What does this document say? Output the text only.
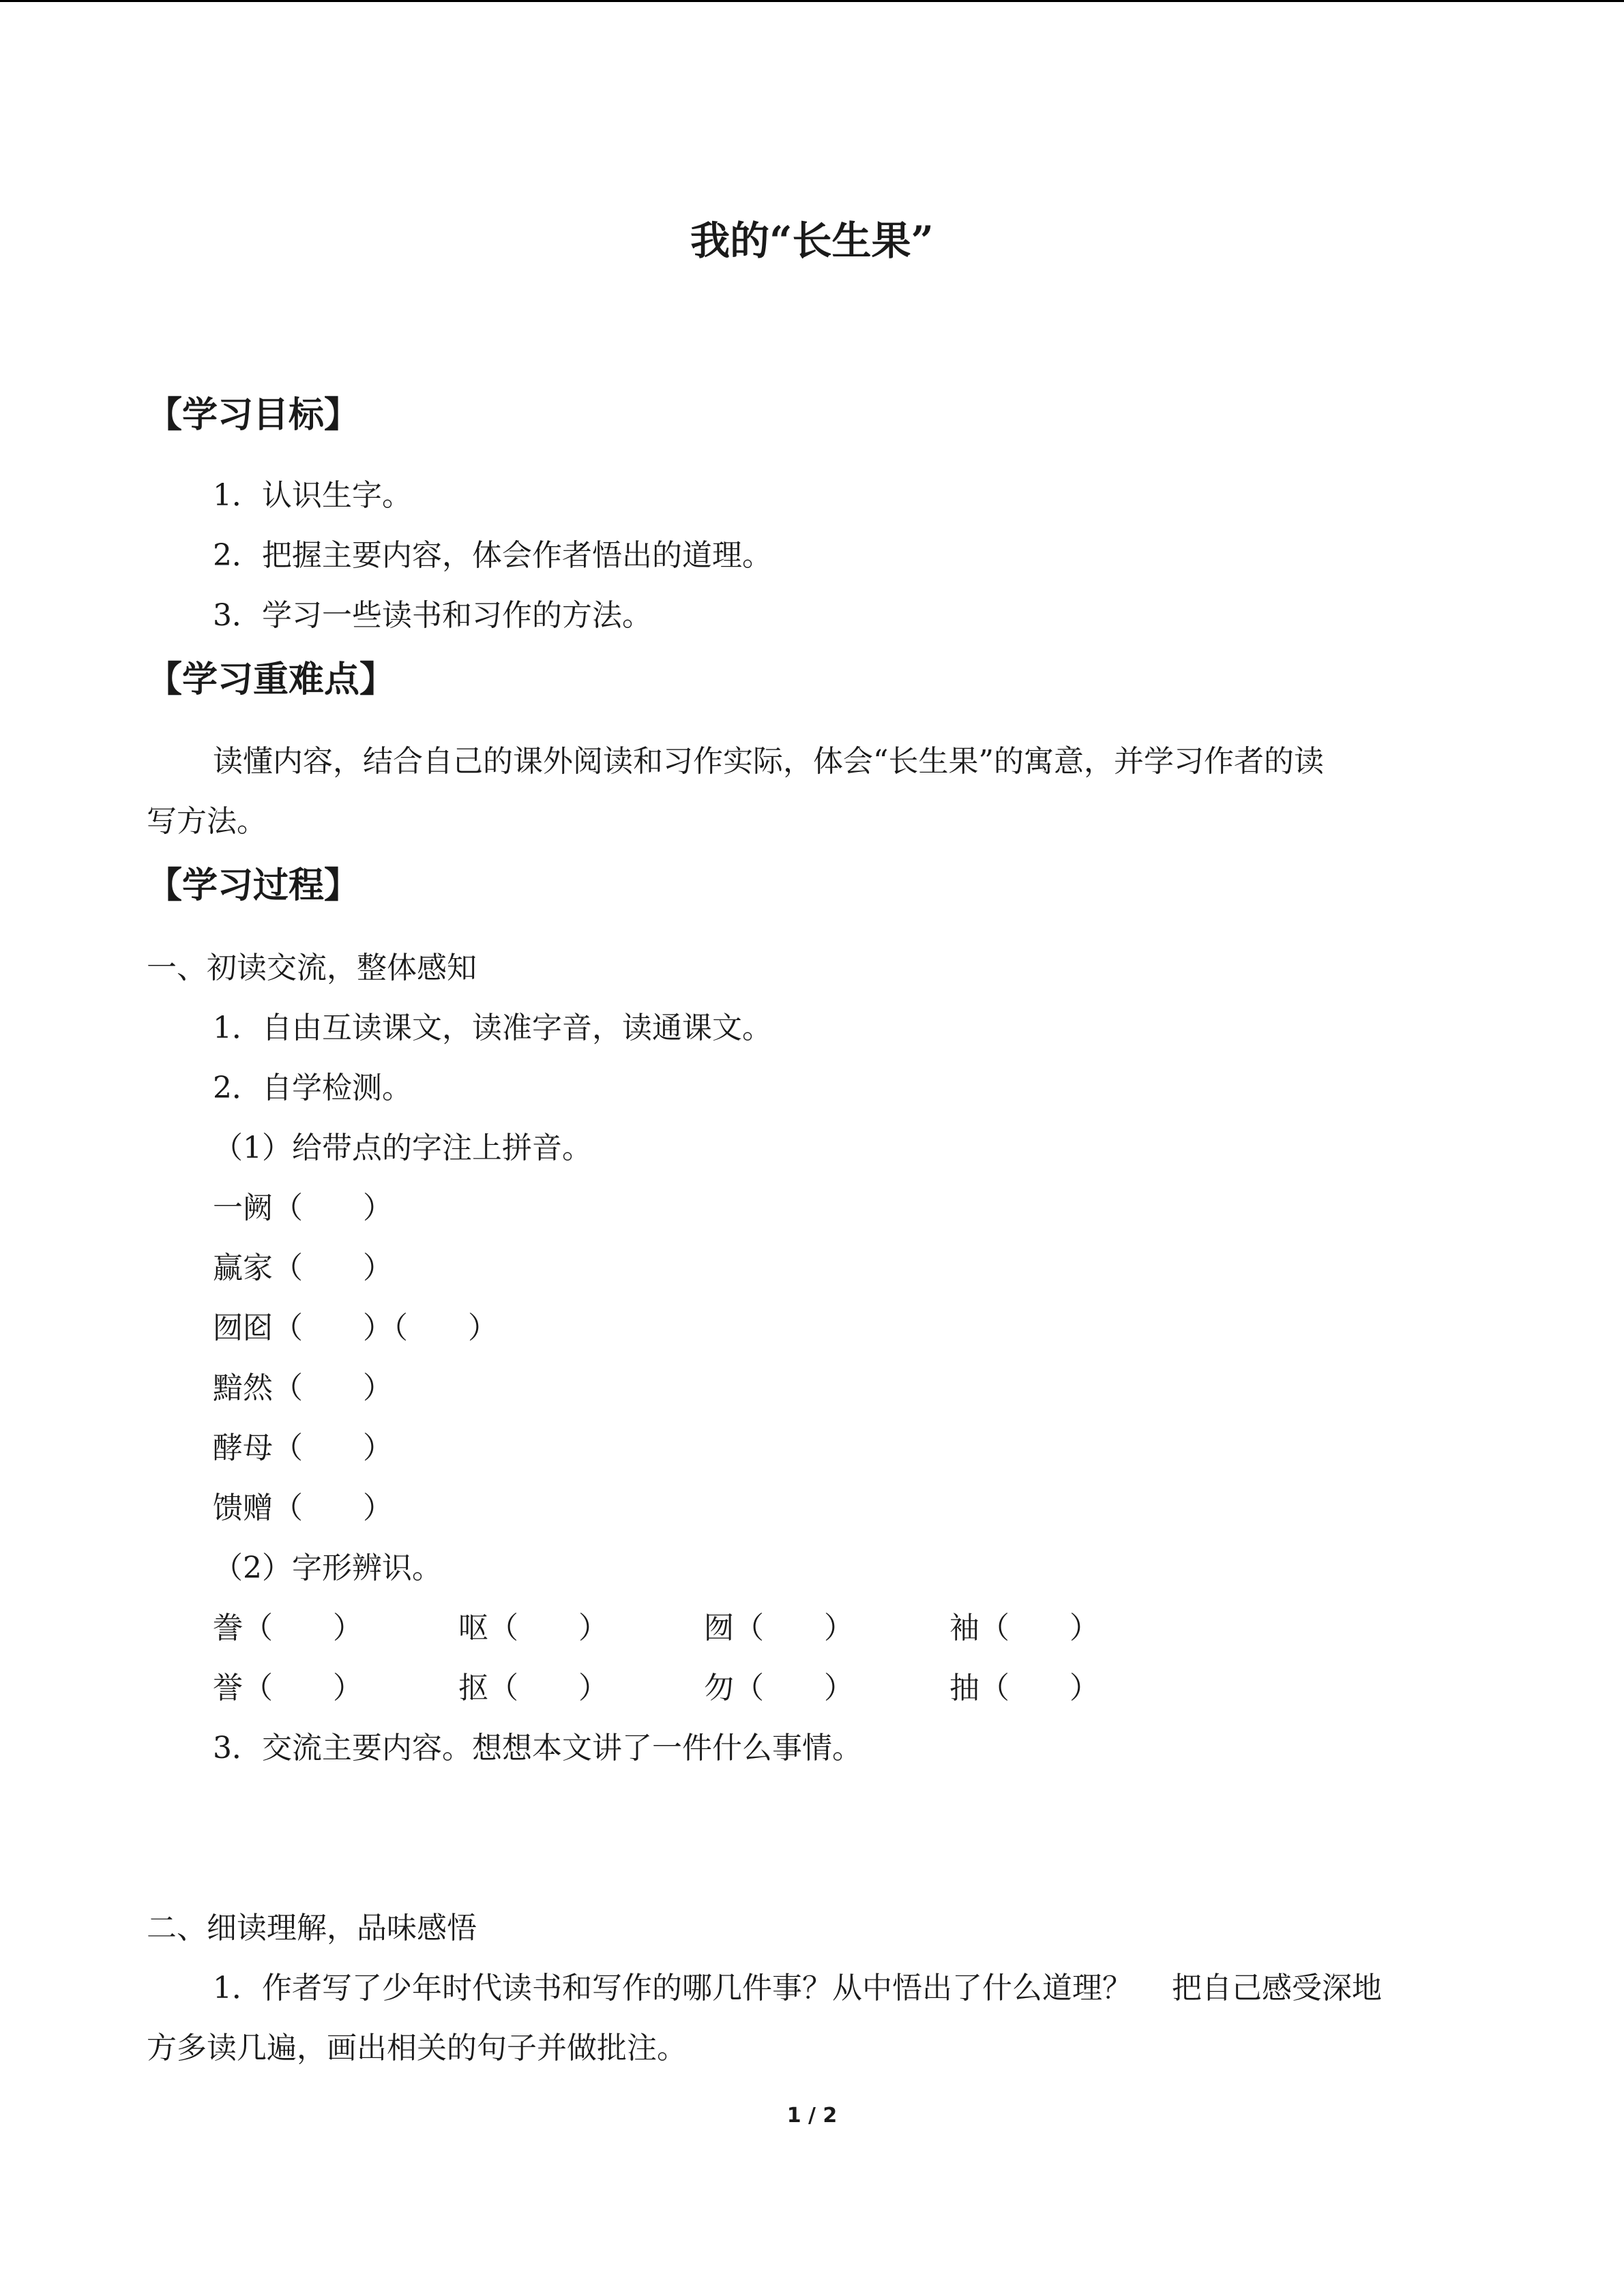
我的“长生果”
【学习目标】
1．认识生字。
2．把握主要内容，体会作者悟出的道理。
3．学习一些读书和习作的方法。
【学习重难点】
读懂内容，结合自己的课外阅读和习作实际，体会“长生果”的寓意，并学习作者的读
写方法。
【学习过程】
一、初读交流，整体感知
1．自由互读课文，读准字音，读通课文。
2．自学检测。
（1）给带点的字注上拼音。
一阙（　　）
赢家（　　）
囫囵（　　）（　　）
黯然（　　）
酵母（　　）
馈赠（　　）
（2）字形辨识。
誊（　　）	呕（　　）	囫（　　）	袖（　　）
誉（　　）	抠（　　）	勿（　　）	抽（　　）
3．交流主要内容。想想本文讲了一件什么事情。
二、细读理解，品味感悟
1．作者写了少年时代读书和写作的哪几件事？从中悟出了什么道理？　 把自己感受深地
方多读几遍，画出相关的句子并做批注。
1 / 2
